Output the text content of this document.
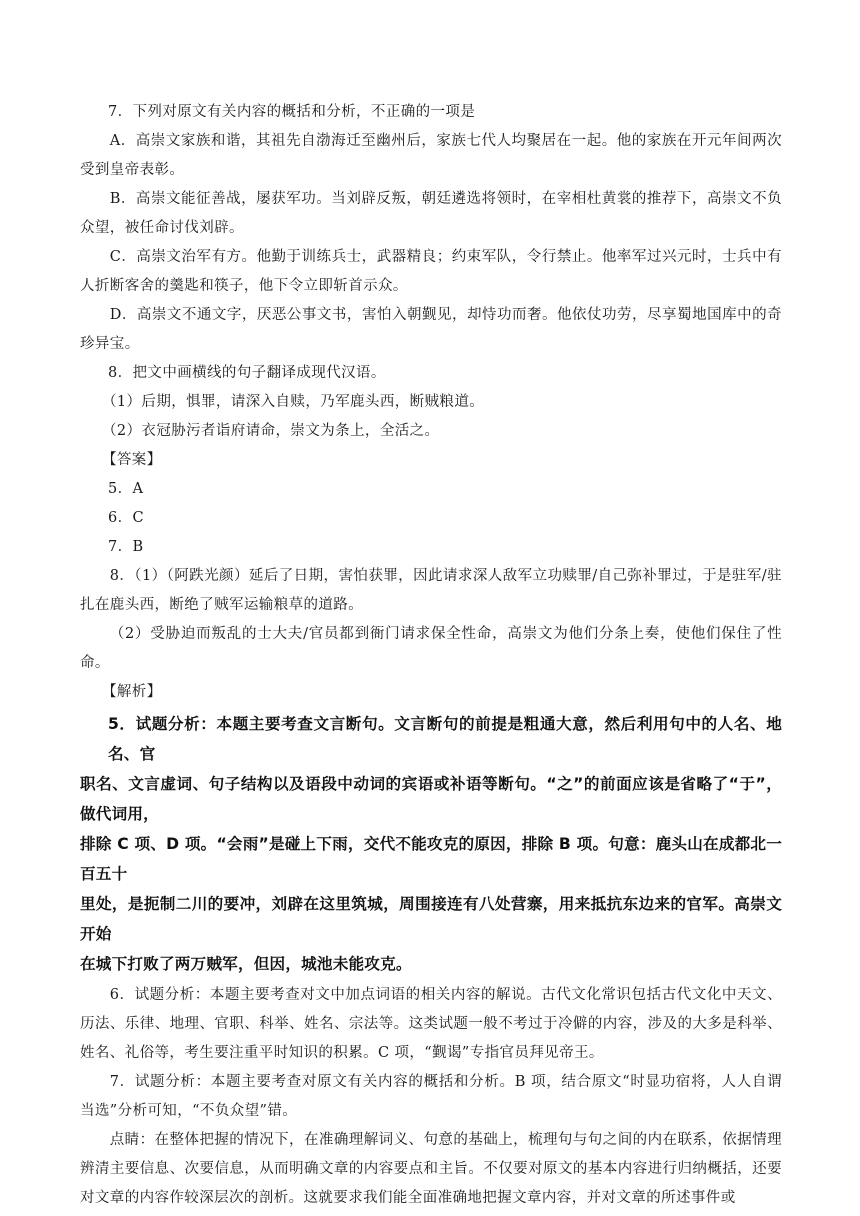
7．下列对原文有关内容的概括和分析，不正确的一项是
A．高崇文家族和谐，其祖先自渤海迁至幽州后，家族七代人均聚居在一起。他的家族在开元年间两次受到皇帝表彰。
B．高崇文能征善战，屡获军功。当刘辟反叛，朝廷遴选将领时，在宰相杜黄裳的推荐下，高崇文不负众望，被任命讨伐刘辟。
C．高崇文治军有方。他勤于训练兵士，武器精良；约束军队，令行禁止。他率军过兴元时，士兵中有人折断客舍的羹匙和筷子，他下令立即斩首示众。
D．高崇文不通文字，厌恶公事文书，害怕入朝觐见，却恃功而奢。他依仗功劳，尽享蜀地国库中的奇珍异宝。
8．把文中画横线的句子翻译成现代汉语。
（1）后期，惧罪，请深入自赎，乃军鹿头西，断贼粮道。
（2）衣冠胁污者诣府请命，崇文为条上，全活之。
【答案】
5．A
6．C
7．B
8．（1）（阿跌光颜）延后了日期，害怕获罪，因此请求深人敌军立功赎罪/自己弥补罪过，于是驻军/驻扎在鹿头西，断绝了贼军运输粮草的道路。
（2）受胁迫而叛乱的士大夫/官员都到衙门请求保全性命，高崇文为他们分条上奏，使他们保住了性命。
【解析】
5．试题分析：本题主要考查文言断句。文言断句的前提是粗通大意，然后利用句中的人名、地名、官
职名、文言虚词、句子结构以及语段中动词的宾语或补语等断句。“之”的前面应该是省略了“于”，做代词用，
排除 C 项、D 项。“会雨”是碰上下雨，交代不能攻克的原因，排除 B 项。句意：鹿头山在成都北一百五十
里处，是扼制二川的要冲，刘辟在这里筑城，周围接连有八处营寨，用来抵抗东边来的官军。高崇文开始
在城下打败了两万贼军，但因，城池未能攻克。
6．试题分析：本题主要考查对文中加点词语的相关内容的解说。古代文化常识包括古代文化中天文、历法、乐律、地理、官职、科举、姓名、宗法等。这类试题一般不考过于冷僻的内容，涉及的大多是科举、姓名、礼俗等，考生要注重平时知识的积累。C 项，“觐谒”专指官员拜见帝王。
7．试题分析：本题主要考查对原文有关内容的概括和分析。B 项，结合原文“时显功宿将，人人自谓当选”分析可知，“不负众望”错。
点睛：在整体把握的情况下，在准确理解词义、句意的基础上，梳理句与句之间的内在联系，依据情理辨清主要信息、次要信息，从而明确文章的内容要点和主旨。不仅要对原文的基本内容进行归纳概括，还要对文章的内容作较深层次的剖析。这就要求我们能全面准确地把握文章内容，并对文章的所述事件或
